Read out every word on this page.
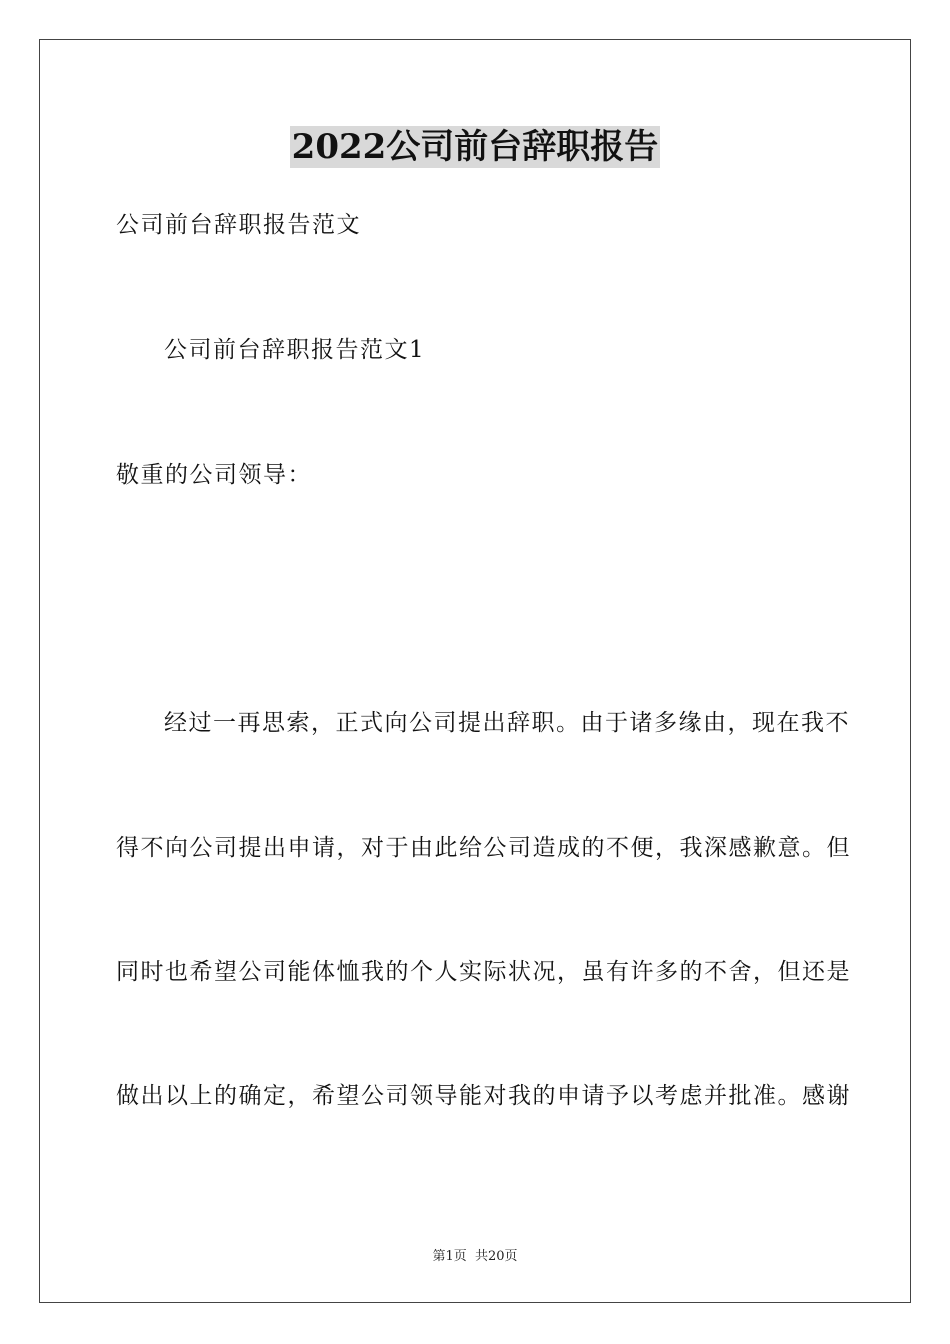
2022公司前台辞职报告
公司前台辞职报告范文
公司前台辞职报告范文1
敬重的公司领导：
经过一再思索，正式向公司提出辞职。由于诸多缘由，现在我不
得不向公司提出申请，对于由此给公司造成的不便，我深感歉意。但
同时也希望公司能体恤我的个人实际状况，虽有许多的不舍，但还是
做出以上的确定，希望公司领导能对我的申请予以考虑并批准。感谢
第1页 共20页
